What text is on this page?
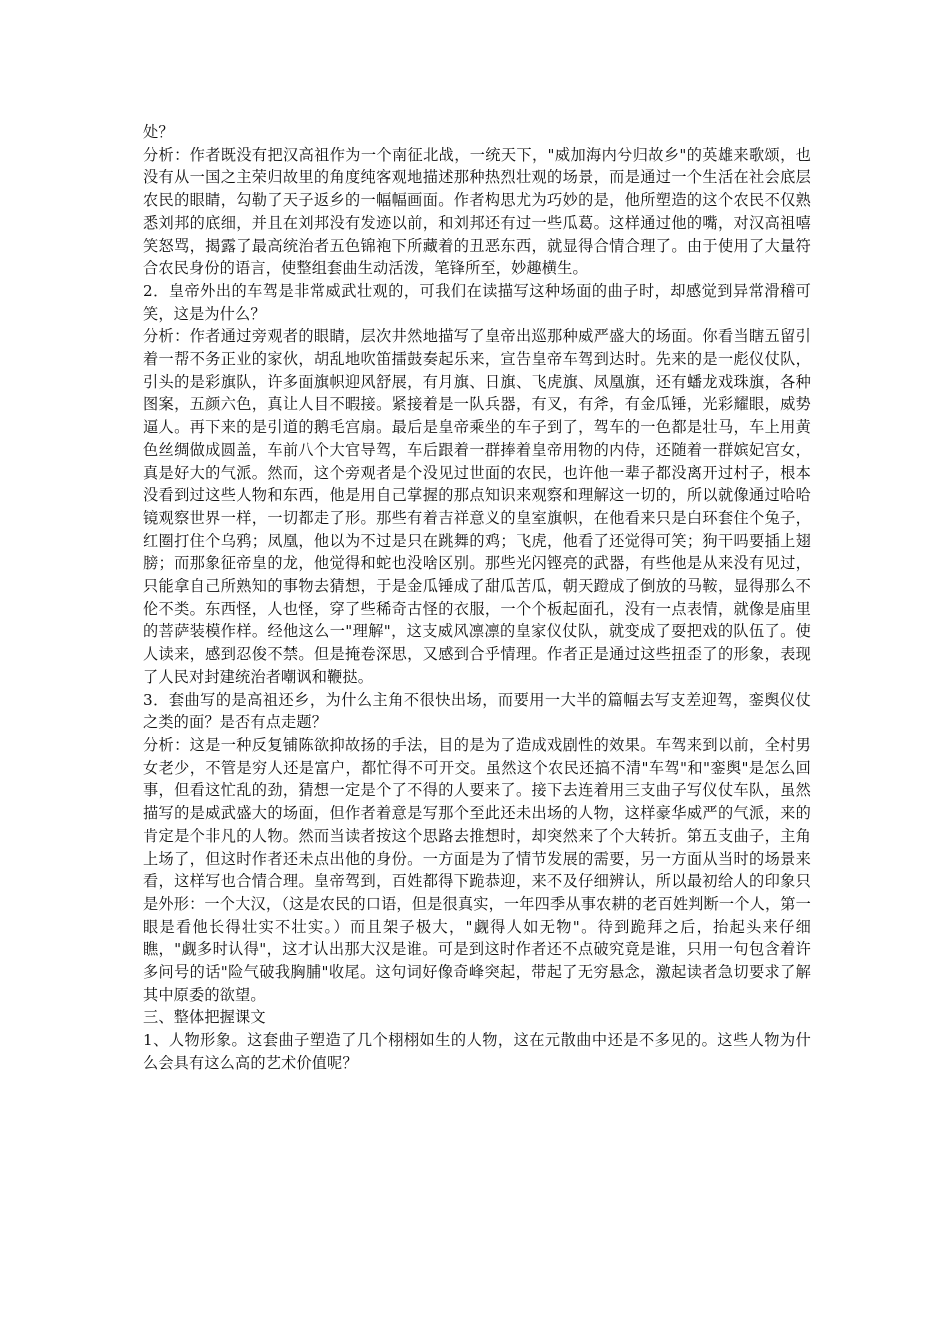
处？

分析：作者既没有把汉高祖作为一个南征北战，一统天下，"威加海内兮归故乡"的英雄来歌颂，也没有从一国之主荣归故里的角度纯客观地描述那种热烈壮观的场景，而是通过一个生活在社会底层农民的眼睛，勾勒了天子返乡的一幅幅画面。作者构思尤为巧妙的是，他所塑造的这个农民不仅熟悉刘邦的底细，并且在刘邦没有发迹以前，和刘邦还有过一些瓜葛。这样通过他的嘴，对汉高祖嘻笑怒骂，揭露了最高统治者五色锦袍下所藏着的丑恶东西，就显得合情合理了。由于使用了大量符合农民身份的语言，使整组套曲生动活泼，笔锋所至，妙趣横生。

2．皇帝外出的车驾是非常威武壮观的，可我们在读描写这种场面的曲子时，却感觉到异常滑稽可笑，这是为什么？

分析：作者通过旁观者的眼睛，层次井然地描写了皇帝出巡那种威严盛大的场面。你看当瞎五留引着一帮不务正业的家伙，胡乱地吹笛擂鼓奏起乐来，宣告皇帝车驾到达时。先来的是一彪仪仗队，引头的是彩旗队，许多面旗帜迎风舒展，有月旗、日旗、飞虎旗、凤凰旗，还有蟠龙戏珠旗，各种图案，五颜六色，真让人目不暇接。紧接着是一队兵器，有叉，有斧，有金瓜锤，光彩耀眼，威势逼人。再下来的是引道的鹅毛宫扇。最后是皇帝乘坐的车子到了，驾车的一色都是壮马，车上用黄色丝绸做成圆盖，车前八个大官导驾，车后跟着一群捧着皇帝用物的内侍，还随着一群嫔妃宫女，真是好大的气派。然而，这个旁观者是个没见过世面的农民，也许他一辈子都没离开过村子，根本没看到过这些人物和东西，他是用自己掌握的那点知识来观察和理解这一切的，所以就像通过哈哈镜观察世界一样，一切都走了形。那些有着吉祥意义的皇室旗帜，在他看来只是白环套住个兔子，红圈打住个乌鸦；凤凰，他以为不过是只在跳舞的鸡；飞虎，他看了还觉得可笑；狗干吗要插上翅膀；而那象征帝皇的龙，他觉得和蛇也没啥区别。那些光闪铿亮的武器，有些他是从来没有见过，只能拿自己所熟知的事物去猜想，于是金瓜锤成了甜瓜苦瓜，朝天蹬成了倒放的马鞍，显得那么不伦不类。东西怪，人也怪，穿了些稀奇古怪的衣服，一个个板起面孔，没有一点表情，就像是庙里的菩萨装模作样。经他这么一"理解"，这支威风凛凛的皇家仪仗队，就变成了耍把戏的队伍了。使人读来，感到忍俊不禁。但是掩卷深思，又感到合乎情理。作者正是通过这些扭歪了的形象，表现了人民对封建统治者嘲讽和鞭挞。

3．套曲写的是高祖还乡，为什么主角不很快出场，而要用一大半的篇幅去写支差迎驾，銮舆仪仗之类的面？是否有点走题？

分析：这是一种反复铺陈欲抑故扬的手法，目的是为了造成戏剧性的效果。车驾来到以前，全村男女老少，不管是穷人还是富户，都忙得不可开交。虽然这个农民还搞不清"车驾"和"銮舆"是怎么回事，但看这忙乱的劲，猜想一定是个了不得的人要来了。接下去连着用三支曲子写仪仗车队，虽然描写的是威武盛大的场面，但作者着意是写那个至此还未出场的人物，这样豪华威严的气派，来的肯定是个非凡的人物。然而当读者按这个思路去推想时，却突然来了个大转折。第五支曲子，主角上场了，但这时作者还未点出他的身份。一方面是为了情节发展的需要，另一方面从当时的场景来看，这样写也合情合理。皇帝驾到，百姓都得下跪恭迎，来不及仔细辨认，所以最初给人的印象只是外形：一个大汉，（这是农民的口语，但是很真实，一年四季从事农耕的老百姓判断一个人，第一眼是看他长得壮实不壮实。）而且架子极大，"觑得人如无物"。待到跪拜之后，抬起头来仔细瞧，"觑多时认得"，这才认出那大汉是谁。可是到这时作者还不点破究竟是谁，只用一句包含着许多问号的话"险气破我胸脯"收尾。这句词好像奇峰突起，带起了无穷悬念，激起读者急切要求了解其中原委的欲望。

三、整体把握课文

1、人物形象。这套曲子塑造了几个栩栩如生的人物，这在元散曲中还是不多见的。这些人物为什么会具有这么高的艺术价值呢？
